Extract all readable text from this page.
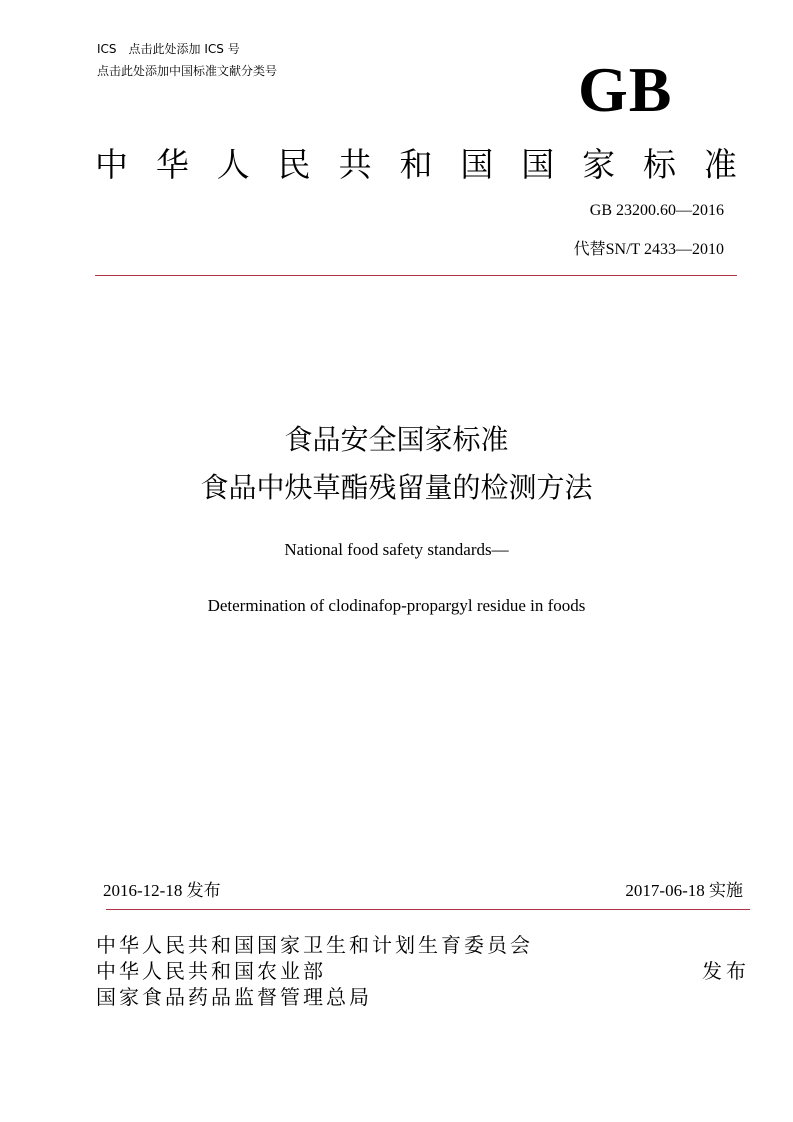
ICS　点击此处添加 ICS 号
点击此处添加中国标准文献分类号	GB
中 华 人 民 共 和 国 国 家 标 准
GB 23200.60—2016
代替SN/T 2433—2010
食品安全国家标准
食品中炔草酯残留量的检测方法
National food safety standards—
Determination of clodinafop-propargyl residue in foods
2016-12-18 发布	2017-06-18 实施
中华人民共和国国家卫生和计划生育委员会
中华人民共和国农业部
国家食品药品监督管理总局
发布
